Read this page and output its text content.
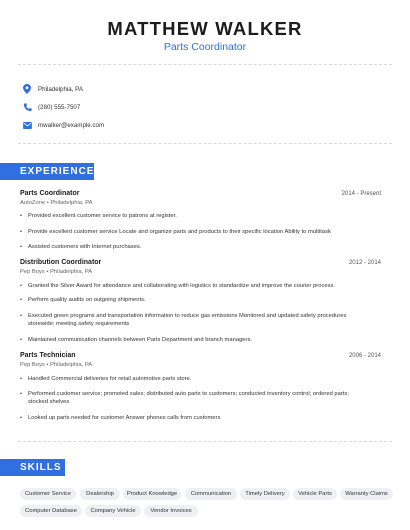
MATTHEW WALKER
Parts Coordinator
Philadelphia, PA
(280) 555-7507
mwalker@example.com
EXPERIENCE
Parts Coordinator	2014 - Present
AutoZone • Philadelphia, PA
•	Provided excellent customer service to patrons at register.
•	Provide excellent customer service Locate and organize parts and products to their specific location Ability to multitask
•	Assisted customers with Internet purchases.
Distribution Coordinator	2012 - 2014
Pep Boys • Philadelphia, PA
•	Granted the Silver Award for attendance and collaborating with logistics to standardize and improve the courier process.
•	Perform quality audits on outgoing shipments.
•	Executed green programs and transportation information to reduce gas emissions Monitored and updated safety procedures storewide; meeting safety requirements
•	Maintained communication channels between Parts Department and branch managers.
Parts Technician	2006 - 2014
Pep Boys • Philadelphia, PA
•	Handled Commercial deliveries for retail automotive parts store.
•	Performed customer service; promoted sales; distributed auto parts to customers; conducted inventory control; ordered parts; stocked shelves
•	Looked up parts needed for customer Answer phones calls from customers
SKILLS
Customer Service	Dealership	Product Knowledge	Communication	Timely Delivery	Vehicle Parts	Warranty Claims
Computer Database	Company Vehicle	Vendor Invoices
